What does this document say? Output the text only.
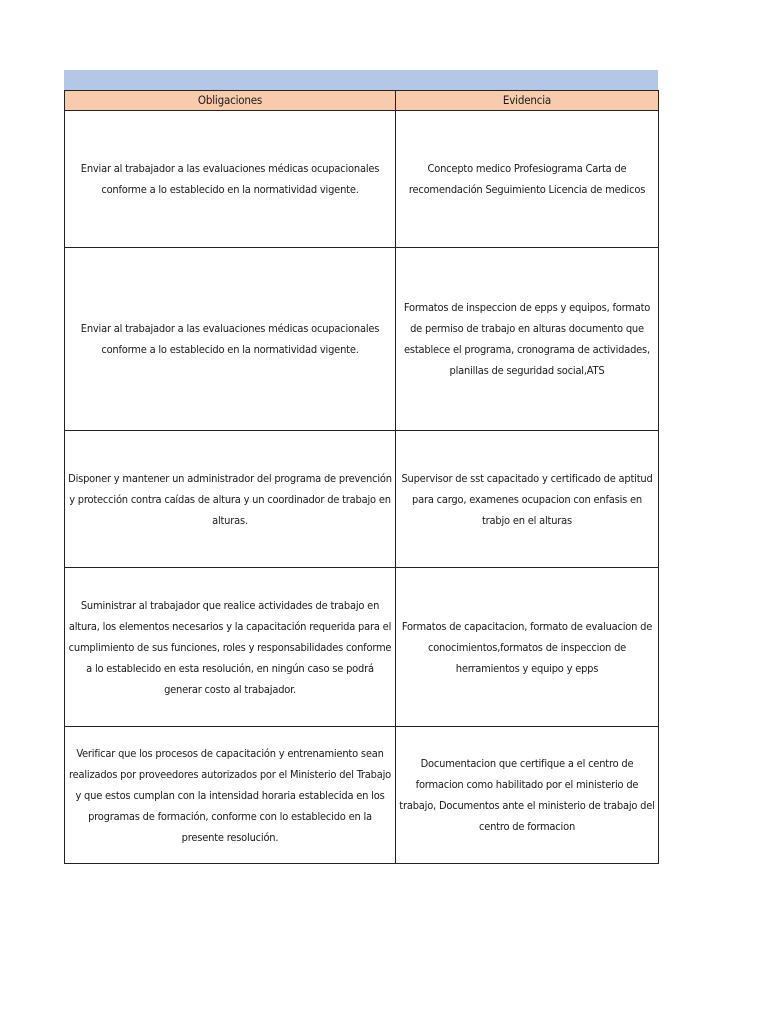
Obligaciones	Evidencia

Enviar al trabajador a las evaluaciones médicas ocupacionales conforme a lo establecido en la normatividad vigente.	Concepto medico Profesiograma Carta de recomendación Seguimiento Licencia de medicos

Enviar al trabajador a las evaluaciones médicas ocupacionales conforme a lo establecido en la normatividad vigente.	Formatos de inspeccion de epps y equipos, formato de permiso de trabajo en alturas documento que establece el programa, cronograma de actividades, planillas de seguridad social,ATS

Disponer y mantener un administrador del programa de prevención y protección contra caídas de altura y un coordinador de trabajo en alturas.	Supervisor de sst capacitado y certificado de aptitud para cargo, examenes ocupacion con enfasis en trabjo en el alturas

Suministrar al trabajador que realice actividades de trabajo en altura, los elementos necesarios y la capacitación requerida para el cumplimiento de sus funciones, roles y responsabilidades conforme a lo establecido en esta resolución, en ningún caso se podrá generar costo al trabajador.	Formatos de capacitacion, formato de evaluacion de conocimientos,formatos de inspeccion de herramientos y equipo y epps

Verificar que los procesos de capacitación y entrenamiento sean realizados por proveedores autorizados por el Ministerio del Trabajo y que estos cumplan con la intensidad horaria establecida en los programas de formación, conforme con lo establecido en la presente resolución.	Documentacion que certifique a el centro de formacion como habilitado por el ministerio de trabajo, Documentos ante el ministerio de trabajo del centro de formacion
